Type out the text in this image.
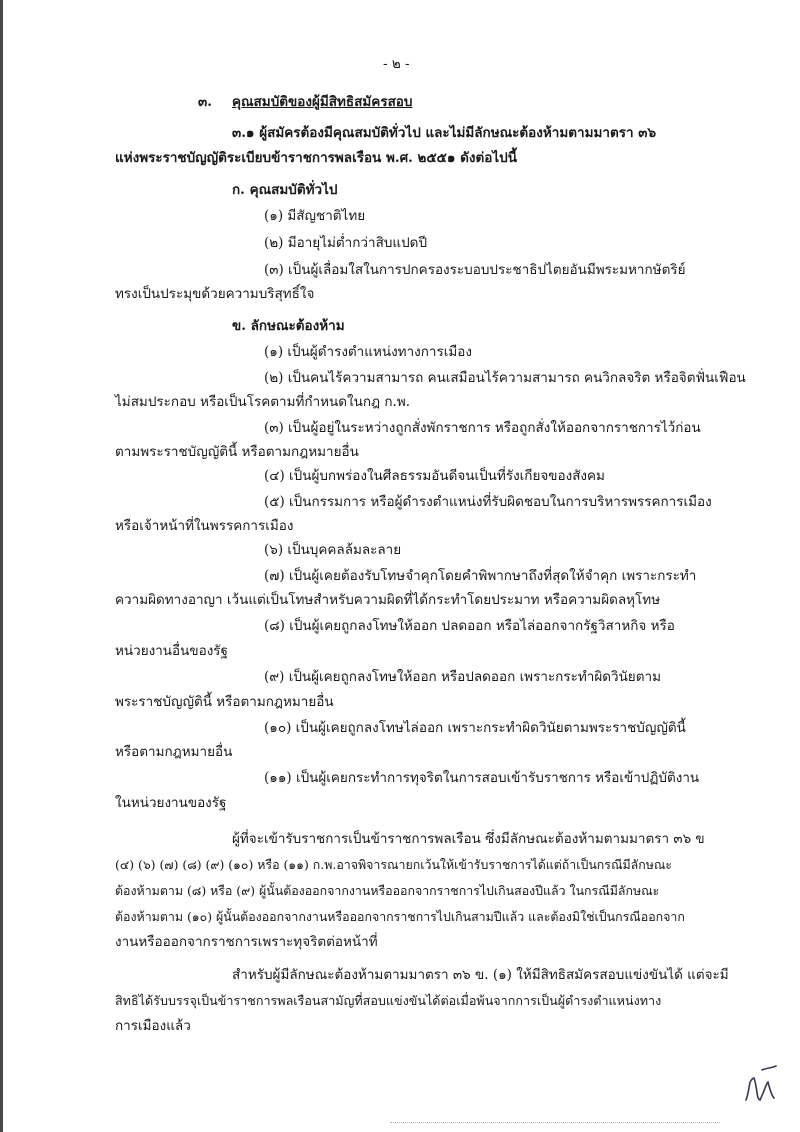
- ๒ -
๓. คุณสมบัติของผู้มีสิทธิสมัครสอบ
๓.๑ ผู้สมัครต้องมีคุณสมบัติทั่วไป และไม่มีลักษณะต้องห้ามตามมาตรา ๓๖
แห่งพระราชบัญญัติระเบียบข้าราชการพลเรือน พ.ศ. ๒๕๕๑ ดังต่อไปนี้
ก. คุณสมบัติทั่วไป
(๑) มีสัญชาติไทย
(๒) มีอายุไม่ต่ำกว่าสิบแปดปี
(๓) เป็นผู้เลื่อมใสในการปกครองระบอบประชาธิปไตยอันมีพระมหากษัตริย์
ทรงเป็นประมุขด้วยความบริสุทธิ์ใจ
ข. ลักษณะต้องห้าม
(๑) เป็นผู้ดำรงตำแหน่งทางการเมือง
(๒) เป็นคนไร้ความสามารถ คนเสมือนไร้ความสามารถ คนวิกลจริต หรือจิตฟั่นเฟือน
ไม่สมประกอบ หรือเป็นโรคตามที่กำหนดในกฎ ก.พ.
(๓) เป็นผู้อยู่ในระหว่างถูกสั่งพักราชการ หรือถูกสั่งให้ออกจากราชการไว้ก่อน
ตามพระราชบัญญัตินี้ หรือตามกฎหมายอื่น
(๔) เป็นผู้บกพร่องในศีลธรรมอันดีจนเป็นที่รังเกียจของสังคม
(๕) เป็นกรรมการ หรือผู้ดำรงตำแหน่งที่รับผิดชอบในการบริหารพรรคการเมือง
หรือเจ้าหน้าที่ในพรรคการเมือง
(๖) เป็นบุคคลล้มละลาย
(๗) เป็นผู้เคยต้องรับโทษจำคุกโดยคำพิพากษาถึงที่สุดให้จำคุก เพราะกระทำ
ความผิดทางอาญา เว้นแต่เป็นโทษสำหรับความผิดที่ได้กระทำโดยประมาท หรือความผิดลหุโทษ
(๘) เป็นผู้เคยถูกลงโทษให้ออก ปลดออก หรือไล่ออกจากรัฐวิสาหกิจ หรือ
หน่วยงานอื่นของรัฐ
(๙) เป็นผู้เคยถูกลงโทษให้ออก หรือปลดออก เพราะกระทำผิดวินัยตาม
พระราชบัญญัตินี้ หรือตามกฎหมายอื่น
(๑๐) เป็นผู้เคยถูกลงโทษไล่ออก เพราะกระทำผิดวินัยตามพระราชบัญญัตินี้
หรือตามกฎหมายอื่น
(๑๑) เป็นผู้เคยกระทำการทุจริตในการสอบเข้ารับราชการ หรือเข้าปฏิบัติงาน
ในหน่วยงานของรัฐ
ผู้ที่จะเข้ารับราชการเป็นข้าราชการพลเรือน ซึ่งมีลักษณะต้องห้ามตามมาตรา ๓๖ ข
(๔) (๖) (๗) (๘) (๙) (๑๐) หรือ (๑๑) ก.พ.อาจพิจารณายกเว้นให้เข้ารับราชการได้แต่ถ้าเป็นกรณีมีลักษณะ
ต้องห้ามตาม (๘) หรือ (๙) ผู้นั้นต้องออกจากงานหรือออกจากราชการไปเกินสองปีแล้ว ในกรณีมีลักษณะ
ต้องห้ามตาม (๑๐) ผู้นั้นต้องออกจากงานหรือออกจากราชการไปเกินสามปีแล้ว และต้องมิใช่เป็นกรณีออกจาก
งานหรือออกจากราชการเพราะทุจริตต่อหน้าที่
สำหรับผู้มีลักษณะต้องห้ามตามมาตรา ๓๖ ข. (๑) ให้มีสิทธิสมัครสอบแข่งขันได้ แต่จะมี
สิทธิได้รับบรรจุเป็นข้าราชการพลเรือนสามัญที่สอบแข่งขันได้ต่อเมื่อพ้นจากการเป็นผู้ดำรงตำแหน่งทาง
การเมืองแล้ว
